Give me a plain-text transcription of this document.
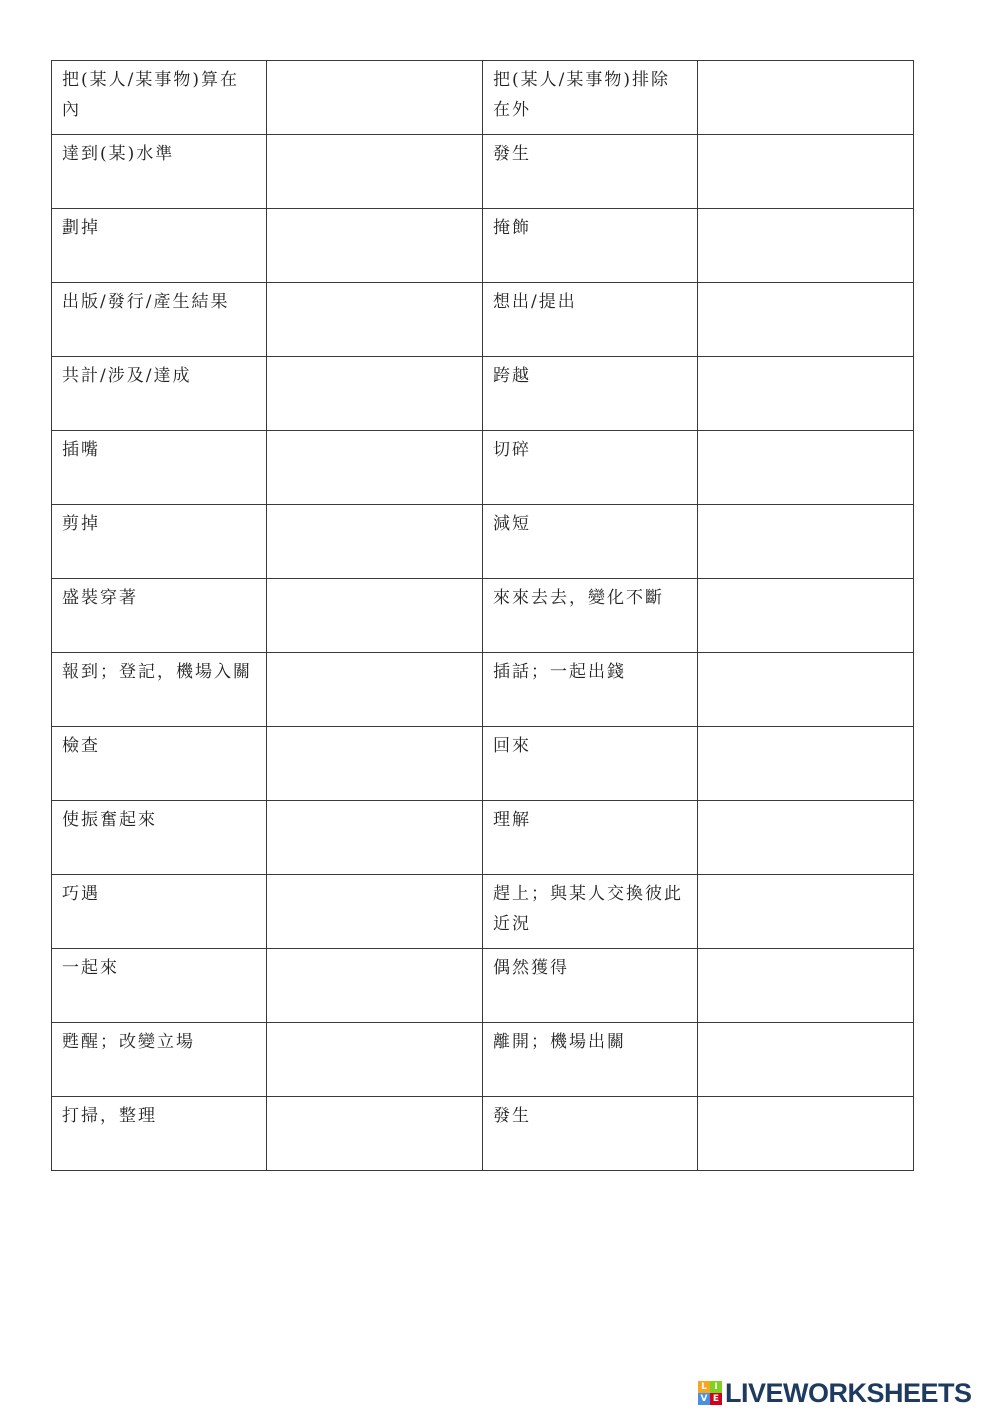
把(某人/某事物)算在內		把(某人/某事物)排除在外	

達到(某)水準		發生	

劃掉		掩飾	

出版/發行/產生結果		想出/提出	

共計/涉及/達成		跨越	

插嘴		切碎	

剪掉		減短	

盛裝穿著		來來去去，變化不斷	

報到；登記，機場入關		插話；一起出錢	

檢查		回來	

使振奮起來		理解	

巧遇		趕上；與某人交換彼此近況	

一起來		偶然獲得	

甦醒；改變立場		離開；機場出關	

打掃，整理		發生	
L I
V E LIVEWORKSHEETS
